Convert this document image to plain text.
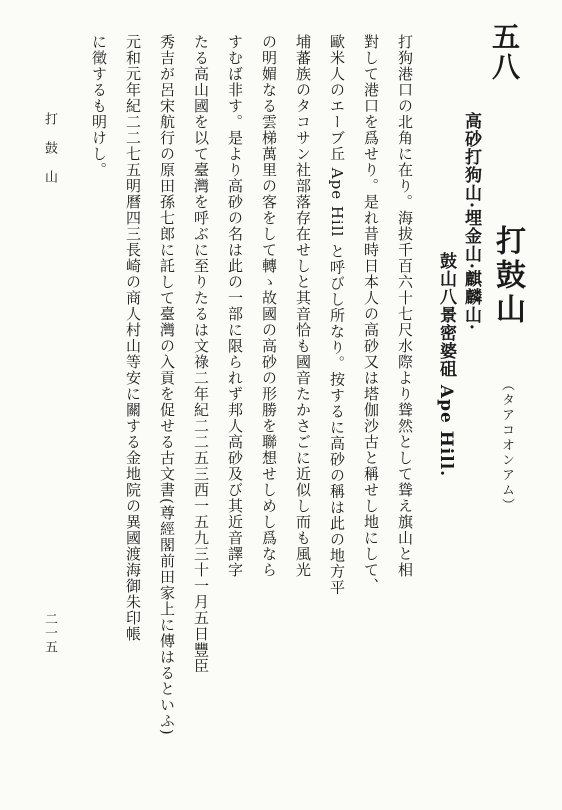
五八
打鼓山
（タアコオンアム）
高砂打狗山·埋金山·麒麟山·
鼓山八景密婆砠 Ape Hill.
打狗港口の北角に在り。海拔千百六十七尺水際より聳然として聳え旗山と相
對して港口を爲せり。是れ昔時日本人の高砂又は塔伽沙古と稱せし地にして、
歐米人のエーブ丘 Ape Hill と呼びし所なり。按するに高砂の稱は此の地方平
埔蕃族のタコサン社部落存在せしと其音恰も國音たかさごに近似し而も風光
の明媚なる雲梯萬里の客をして轉ゝ故國の高砂の形勝を聯想せしめし爲なら
すむば非す。是より高砂の名は此の一部に限られず邦人高砂及び其近音譯字
たる高山國を以て臺灣を呼ぶに至りたるは文祿二年紀二二五三西一五九三十一月五日豐臣
秀吉が呂宋航行の原田孫七郎に託して臺灣の入貢を促せる古文書(尊經閣前田家上に傳はるといふ)
元和元年紀二二七五明曆四三長崎の商人村山等安に關する金地院の異國渡海御朱印帳
に徵するも明けし。
打鼓山
二一五
